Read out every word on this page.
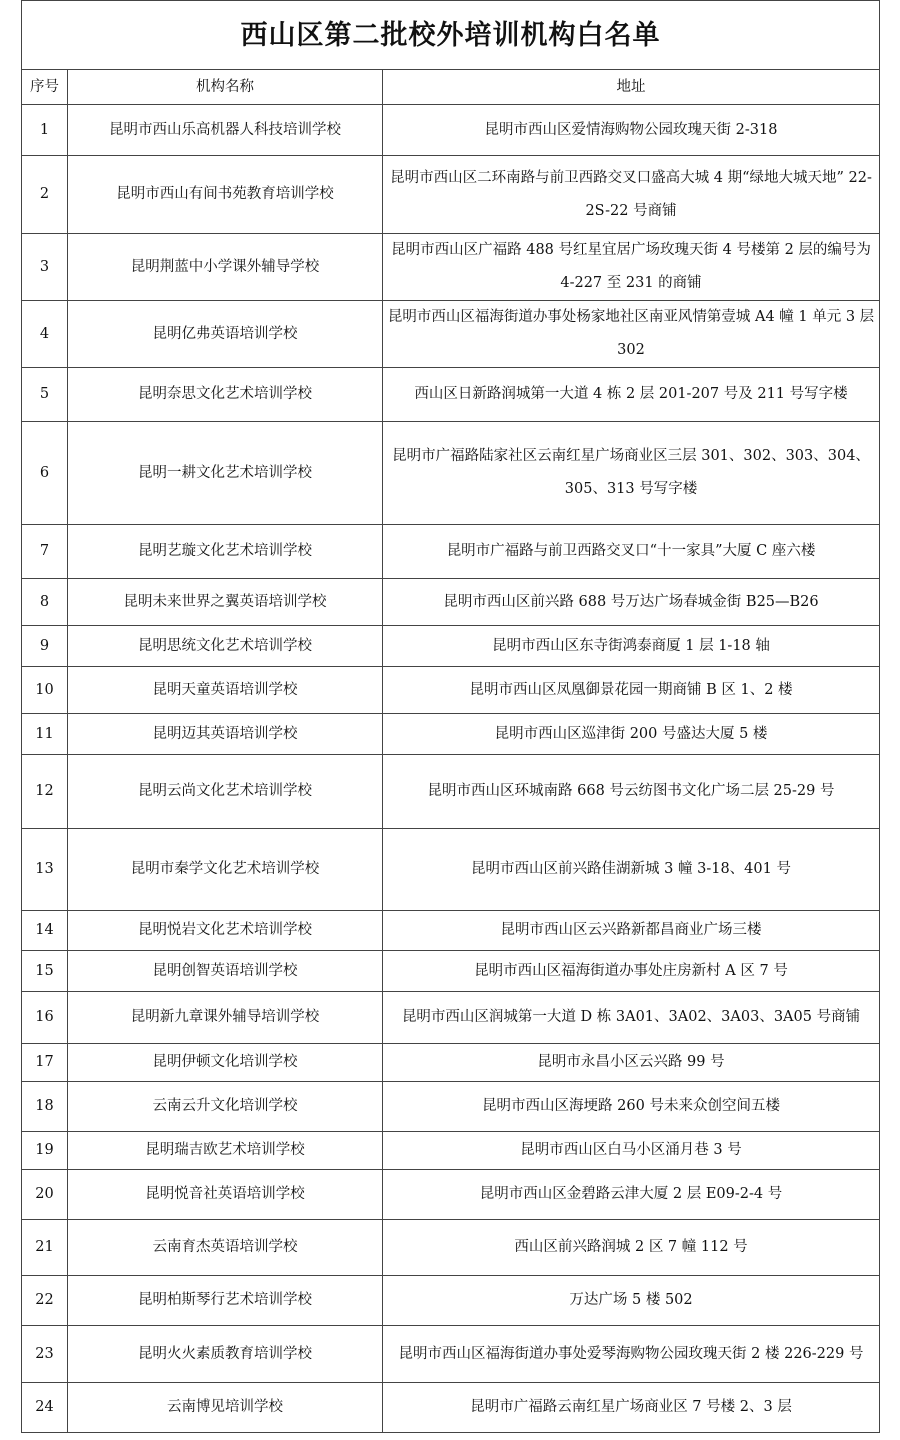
西山区第二批校外培训机构白名单		
序号	机构名称	地址
1	昆明市西山乐高机器人科技培训学校	昆明市西山区爱情海购物公园玫瑰天街 2-318
2	昆明市西山有间书苑教育培训学校	昆明市西山区二环南路与前卫西路交叉口盛高大城 4 期“绿地大城天地” 22-2S-22 号商铺
3	昆明荆蓝中小学课外辅导学校	昆明市西山区广福路 488 号红星宜居广场玫瑰天街 4 号楼第 2 层的编号为 4-227 至 231 的商铺
4	昆明亿弗英语培训学校	昆明市西山区福海街道办事处杨家地社区南亚风情第壹城 A4 幢 1 单元 3 层 302
5	昆明奈思文化艺术培训学校	西山区日新路润城第一大道 4 栋 2 层 201-207 号及 211 号写字楼
6	昆明一耕文化艺术培训学校	昆明市广福路陆家社区云南红星广场商业区三层 301、302、303、304、305、313 号写字楼
7	昆明艺璇文化艺术培训学校	昆明市广福路与前卫西路交叉口“十一家具”大厦 C 座六楼
8	昆明未来世界之翼英语培训学校	昆明市西山区前兴路 688 号万达广场春城金街 B25—B26
9	昆明思统文化艺术培训学校	昆明市西山区东寺街鸿泰商厦 1 层 1-18 轴
10	昆明天童英语培训学校	昆明市西山区凤凰御景花园一期商铺 B 区 1、2 楼
11	昆明迈其英语培训学校	昆明市西山区巡津街 200 号盛达大厦 5 楼
12	昆明云尚文化艺术培训学校	昆明市西山区环城南路 668 号云纺图书文化广场二层 25-29 号
13	昆明市秦学文化艺术培训学校	昆明市西山区前兴路佳湖新城 3 幢 3-18、401 号
14	昆明悦岩文化艺术培训学校	昆明市西山区云兴路新都昌商业广场三楼
15	昆明创智英语培训学校	昆明市西山区福海街道办事处庄房新村 A 区 7 号
16	昆明新九章课外辅导培训学校	昆明市西山区润城第一大道 D 栋 3A01、3A02、3A03、3A05 号商铺
17	昆明伊顿文化培训学校	昆明市永昌小区云兴路 99 号
18	云南云升文化培训学校	昆明市西山区海埂路 260 号未来众创空间五楼
19	昆明瑞吉欧艺术培训学校	昆明市西山区白马小区涌月巷 3 号
20	昆明悦音社英语培训学校	昆明市西山区金碧路云津大厦 2 层 E09-2-4 号
21	云南育杰英语培训学校	西山区前兴路润城 2 区 7 幢 112 号
22	昆明柏斯琴行艺术培训学校	万达广场 5 楼 502
23	昆明火火素质教育培训学校	昆明市西山区福海街道办事处爱琴海购物公园玫瑰天街 2 楼 226-229 号
24	云南博见培训学校	昆明市广福路云南红星广场商业区 7 号楼 2、3 层
